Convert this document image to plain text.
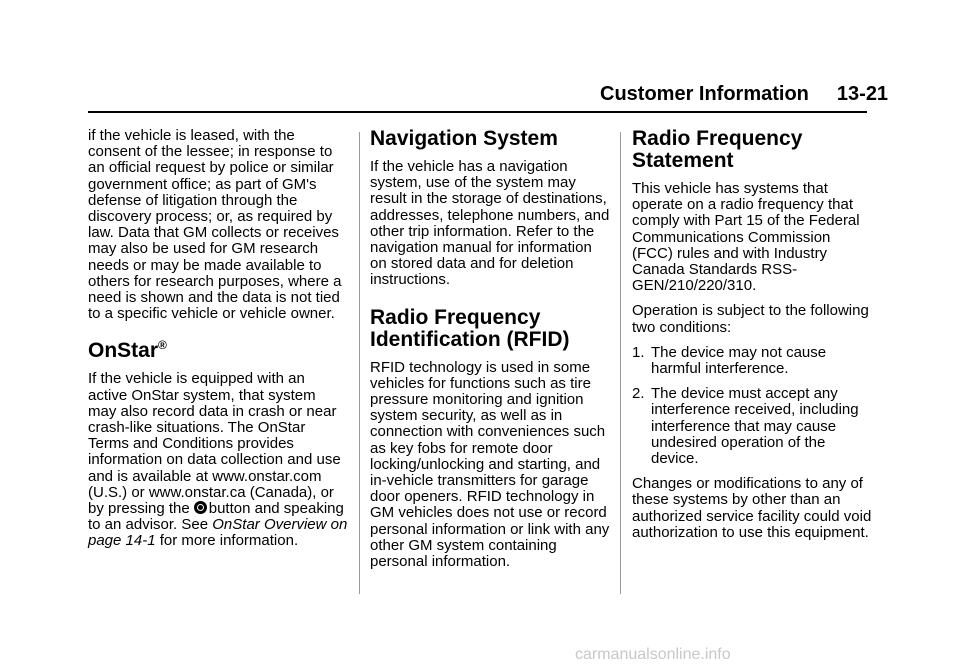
Customer Information 13-21

if the vehicle is leased, with the consent of the lessee; in response to an official request by police or similar government office; as part of GM's defense of litigation through the discovery process; or, as required by law. Data that GM collects or receives may also be used for GM research needs or may be made available to others for research purposes, where a need is shown and the data is not tied to a specific vehicle or vehicle owner.

OnStar®

If the vehicle is equipped with an active OnStar system, that system may also record data in crash or near crash-like situations. The OnStar Terms and Conditions provides information on data collection and use and is available at www.onstar.com (U.S.) or www.onstar.ca (Canada), or by pressing the button and speaking to an advisor. See OnStar Overview on page 14-1 for more information.

Navigation System

If the vehicle has a navigation system, use of the system may result in the storage of destinations, addresses, telephone numbers, and other trip information. Refer to the navigation manual for information on stored data and for deletion instructions.

Radio Frequency Identification (RFID)

RFID technology is used in some vehicles for functions such as tire pressure monitoring and ignition system security, as well as in connection with conveniences such as key fobs for remote door locking/unlocking and starting, and in-vehicle transmitters for garage door openers. RFID technology in GM vehicles does not use or record personal information or link with any other GM system containing personal information.

Radio Frequency Statement

This vehicle has systems that operate on a radio frequency that comply with Part 15 of the Federal Communications Commission (FCC) rules and with Industry Canada Standards RSS-GEN/210/220/310.

Operation is subject to the following two conditions:

1. The device may not cause harmful interference.
2. The device must accept any interference received, including interference that may cause undesired operation of the device.

Changes or modifications to any of these systems by other than an authorized service facility could void authorization to use this equipment.

carmanualsonline.info
